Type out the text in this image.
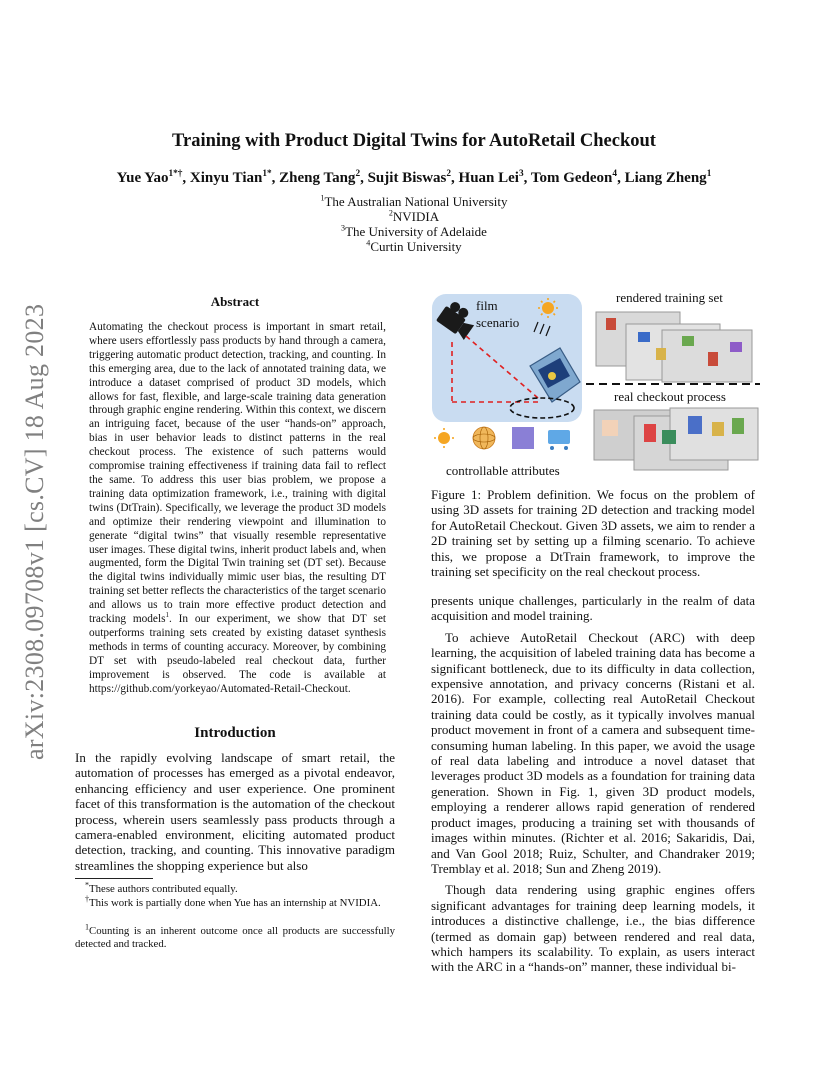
arXiv:2308.09708v1 [cs.CV] 18 Aug 2023
Training with Product Digital Twins for AutoRetail Checkout
Yue Yao$^{1*\dagger}$, Xinyu Tian$^{1*}$, Zheng Tang$^2$, Sujit Biswas$^2$, Huan Lei$^3$, Tom Gedeon$^4$, Liang Zheng$^1$
$^1$The Australian National University
$^2$NVIDIA
$^3$The University of Adelaide
$^4$Curtin University
Abstract

Automating the checkout process is important in smart retail, where users effortlessly pass products by hand through a camera, triggering automatic product detection, tracking, and counting. In this emerging area, due to the lack of annotated training data, we introduce a dataset comprised of product 3D models, which allows for fast, flexible, and large-scale training data generation through graphic engine rendering. Within this context, we discern an intriguing facet, because of the user “hands-on” approach, bias in user behavior leads to distinct patterns in the real checkout process. The existence of such patterns would compromise training effectiveness if training data fail to reflect the same. To address this user bias problem, we propose a training data optimization framework, i.e., training with digital twins (DtTrain). Specifically, we leverage the product 3D models and optimize their rendering viewpoint and illumination to generate “digital twins” that visually resemble representative user images. These digital twins, inherit product labels and, when augmented, form the Digital Twin training set (DT set). Because the digital twins individually mimic user bias, the resulting DT training set better reflects the characteristics of the target scenario and allows us to train more effective product detection and tracking models$^1$. In our experiment, we show that DT set outperforms training sets created by existing dataset synthesis methods in terms of counting accuracy. Moreover, by combining DT set with pseudo-labeled real checkout data, further improvement is observed. The code is available at https://github.com/yorkeyao/Automated-Retail-Checkout.

Introduction

In the rapidly evolving landscape of smart retail, the automation of processes has emerged as a pivotal endeavor, enhancing efficiency and user experience. One prominent facet of this transformation is the automation of the checkout process, wherein users seamlessly pass products through a camera-enabled environment, eliciting automated product detection, tracking, and counting. This innovative paradigm streamlines the shopping experience but also

*These authors contributed equally.
†This work is partially done when Yue has an internship at NVIDIA.
$^1$Counting is an inherent outcome once all products are successfully detected and tracked.
film
scenario
controllable attributes
rendered training set
real checkout process
Figure 1: Problem definition. We focus on the problem of using 3D assets for training 2D detection and tracking model for AutoRetail Checkout. Given 3D assets, we aim to render a 2D training set by setting up a filming scenario. To achieve this, we propose a DtTrain framework, to improve the training set specificity on the real checkout process.

presents unique challenges, particularly in the realm of data acquisition and model training.

To achieve AutoRetail Checkout (ARC) with deep learning, the acquisition of labeled training data has become a significant bottleneck, due to its difficulty in data collection, expensive annotation, and privacy concerns (Ristani et al. 2016). For example, collecting real AutoRetail Checkout training data could be costly, as it typically involves manual product movement in front of a camera and subsequent time-consuming human labeling. In this paper, we avoid the usage of real data labeling and introduce a novel dataset that leverages product 3D models as a foundation for training data generation. Shown in Fig. 1, given 3D product models, employing a renderer allows rapid generation of rendered product images, producing a training set with thousands of images within minutes. (Richter et al. 2016; Sakaridis, Dai, and Van Gool 2018; Ruiz, Schulter, and Chandraker 2019; Tremblay et al. 2018; Sun and Zheng 2019).

Though data rendering using graphic engines offers significant advantages for training deep learning models, it introduces a distinctive challenge, i.e., the bias difference (termed as domain gap) between rendered and real data, which hampers its scalability. To explain, as users interact with the ARC in a “hands-on” manner, these individual bi-
